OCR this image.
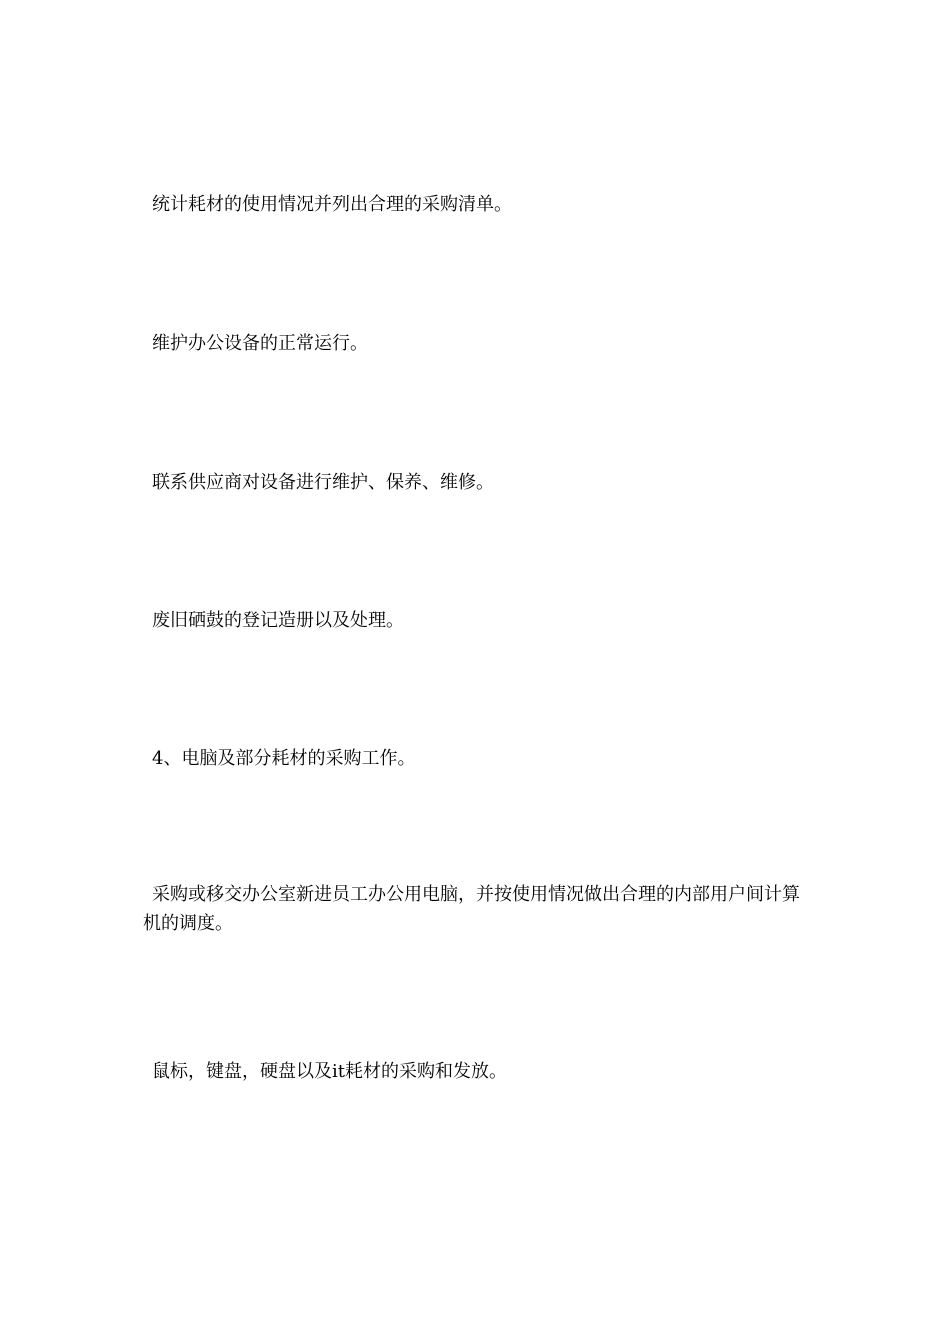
统计耗材的使用情况并列出合理的采购清单。

维护办公设备的正常运行。

联系供应商对设备进行维护、保养、维修。

废旧硒鼓的登记造册以及处理。

4、电脑及部分耗材的采购工作。

采购或移交办公室新进员工办公用电脑，并按使用情况做出合理的内部用户间计算机的调度。

鼠标，键盘，硬盘以及it耗材的采购和发放。
